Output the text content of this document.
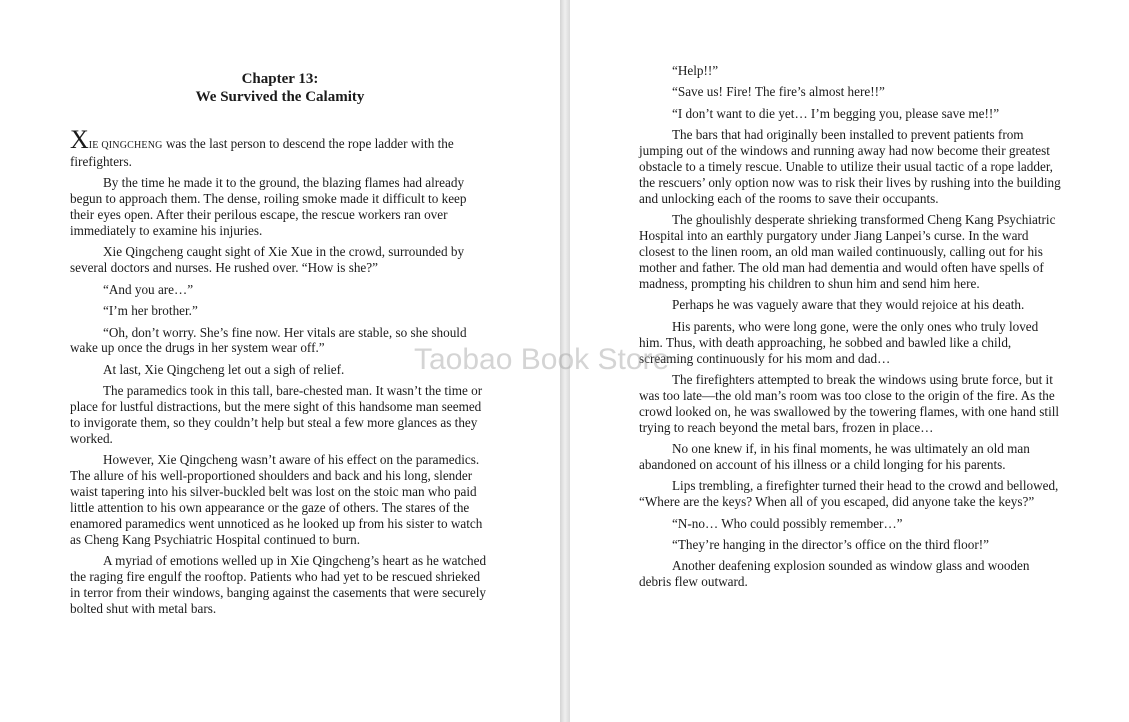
Chapter 13:
We Survived the Calamity

XIE QINGCHENG was the last person to descend the rope ladder with the firefighters.

By the time he made it to the ground, the blazing flames had already begun to approach them. The dense, roiling smoke made it difficult to keep their eyes open. After their perilous escape, the rescue workers ran over immediately to examine his injuries.

Xie Qingcheng caught sight of Xie Xue in the crowd, surrounded by several doctors and nurses. He rushed over. “How is she?”

“And you are…”

“I’m her brother.”

“Oh, don’t worry. She’s fine now. Her vitals are stable, so she should wake up once the drugs in her system wear off.”

At last, Xie Qingcheng let out a sigh of relief.

The paramedics took in this tall, bare-chested man. It wasn’t the time or place for lustful distractions, but the mere sight of this handsome man seemed to invigorate them, so they couldn’t help but steal a few more glances as they worked.

However, Xie Qingcheng wasn’t aware of his effect on the paramedics. The allure of his well-proportioned shoulders and back and his long, slender waist tapering into his silver-buckled belt was lost on the stoic man who paid little attention to his own appearance or the gaze of others. The stares of the enamored paramedics went unnoticed as he looked up from his sister to watch as Cheng Kang Psychiatric Hospital continued to burn.

A myriad of emotions welled up in Xie Qingcheng’s heart as he watched the raging fire engulf the rooftop. Patients who had yet to be rescued shrieked in terror from their windows, banging against the casements that were securely bolted shut with metal bars.

“Help!!”

“Save us! Fire! The fire’s almost here!!”

“I don’t want to die yet… I’m begging you, please save me!!”

The bars that had originally been installed to prevent patients from jumping out of the windows and running away had now become their greatest obstacle to a timely rescue. Unable to utilize their usual tactic of a rope ladder, the rescuers’ only option now was to risk their lives by rushing into the building and unlocking each of the rooms to save their occupants.

The ghoulishly desperate shrieking transformed Cheng Kang Psychiatric Hospital into an earthly purgatory under Jiang Lanpei’s curse. In the ward closest to the linen room, an old man wailed continuously, calling out for his mother and father. The old man had dementia and would often have spells of madness, prompting his children to shun him and send him here.

Perhaps he was vaguely aware that they would rejoice at his death.

His parents, who were long gone, were the only ones who truly loved him. Thus, with death approaching, he sobbed and bawled like a child, screaming continuously for his mom and dad…

The firefighters attempted to break the windows using brute force, but it was too late—the old man’s room was too close to the origin of the fire. As the crowd looked on, he was swallowed by the towering flames, with one hand still trying to reach beyond the metal bars, frozen in place…

No one knew if, in his final moments, he was ultimately an old man abandoned on account of his illness or a child longing for his parents.

Lips trembling, a firefighter turned their head to the crowd and bellowed, “Where are the keys? When all of you escaped, did anyone take the keys?”

“N-no… Who could possibly remember…”

“They’re hanging in the director’s office on the third floor!”

Another deafening explosion sounded as window glass and wooden debris flew outward.

Taobao Book Store
